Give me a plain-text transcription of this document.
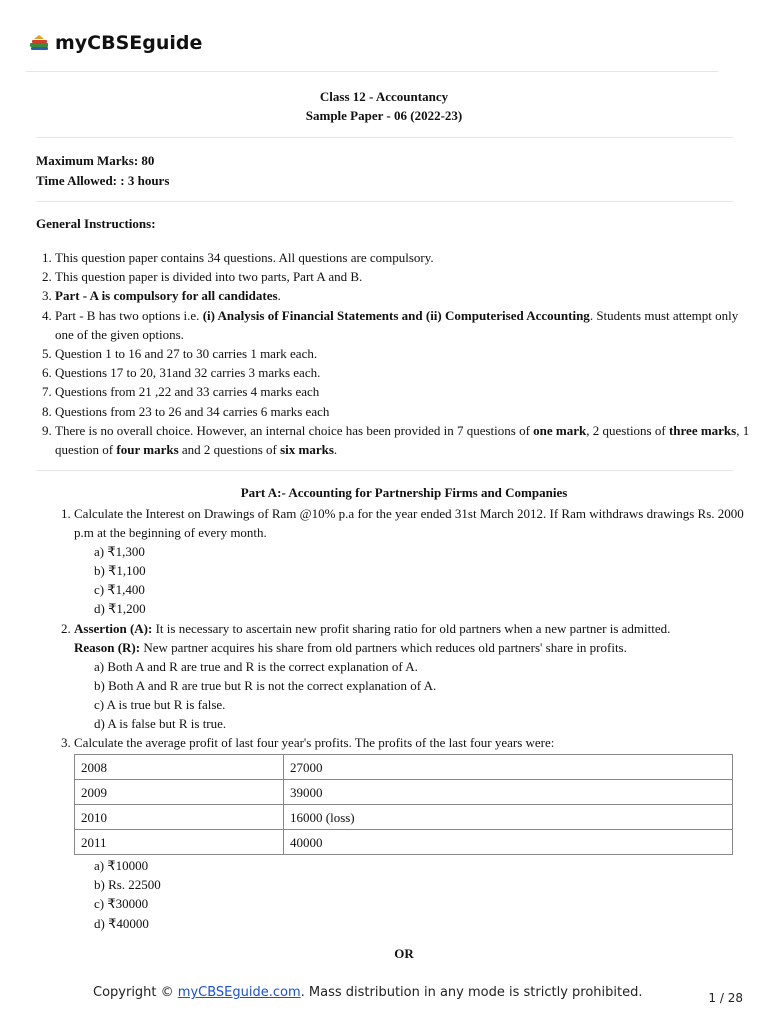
myCBSEguide
Class 12 - Accountancy
Sample Paper - 06 (2022-23)
Maximum Marks: 80
Time Allowed: : 3 hours
General Instructions:
1. This question paper contains 34 questions. All questions are compulsory.
2. This question paper is divided into two parts, Part A and B.
3. Part - A is compulsory for all candidates.
4. Part - B has two options i.e. (i) Analysis of Financial Statements and (ii) Computerised Accounting. Students must attempt only one of the given options.
5. Question 1 to 16 and 27 to 30 carries 1 mark each.
6. Questions 17 to 20, 31and 32 carries 3 marks each.
7. Questions from 21 ,22 and 33 carries 4 marks each
8. Questions from 23 to 26 and 34 carries 6 marks each
9. There is no overall choice. However, an internal choice has been provided in 7 questions of one mark, 2 questions of three marks, 1 question of four marks and 2 questions of six marks.
Part A:- Accounting for Partnership Firms and Companies
1. Calculate the Interest on Drawings of Ram @10% p.a for the year ended 31st March 2012. If Ram withdraws drawings Rs. 2000 p.m at the beginning of every month.
a) ₹1,300
b) ₹1,100
c) ₹1,400
d) ₹1,200
2. Assertion (A): It is necessary to ascertain new profit sharing ratio for old partners when a new partner is admitted.
Reason (R): New partner acquires his share from old partners which reduces old partners' share in profits.
a) Both A and R are true and R is the correct explanation of A.
b) Both A and R are true but R is not the correct explanation of A.
c) A is true but R is false.
d) A is false but R is true.
3. Calculate the average profit of last four year's profits. The profits of the last four years were:
2008	27000
2009	39000
2010	16000 (loss)
2011	40000
a) ₹10000
b) Rs. 22500
c) ₹30000
d) ₹40000
OR
Copyright © myCBSEguide.com. Mass distribution in any mode is strictly prohibited.	1 / 28
